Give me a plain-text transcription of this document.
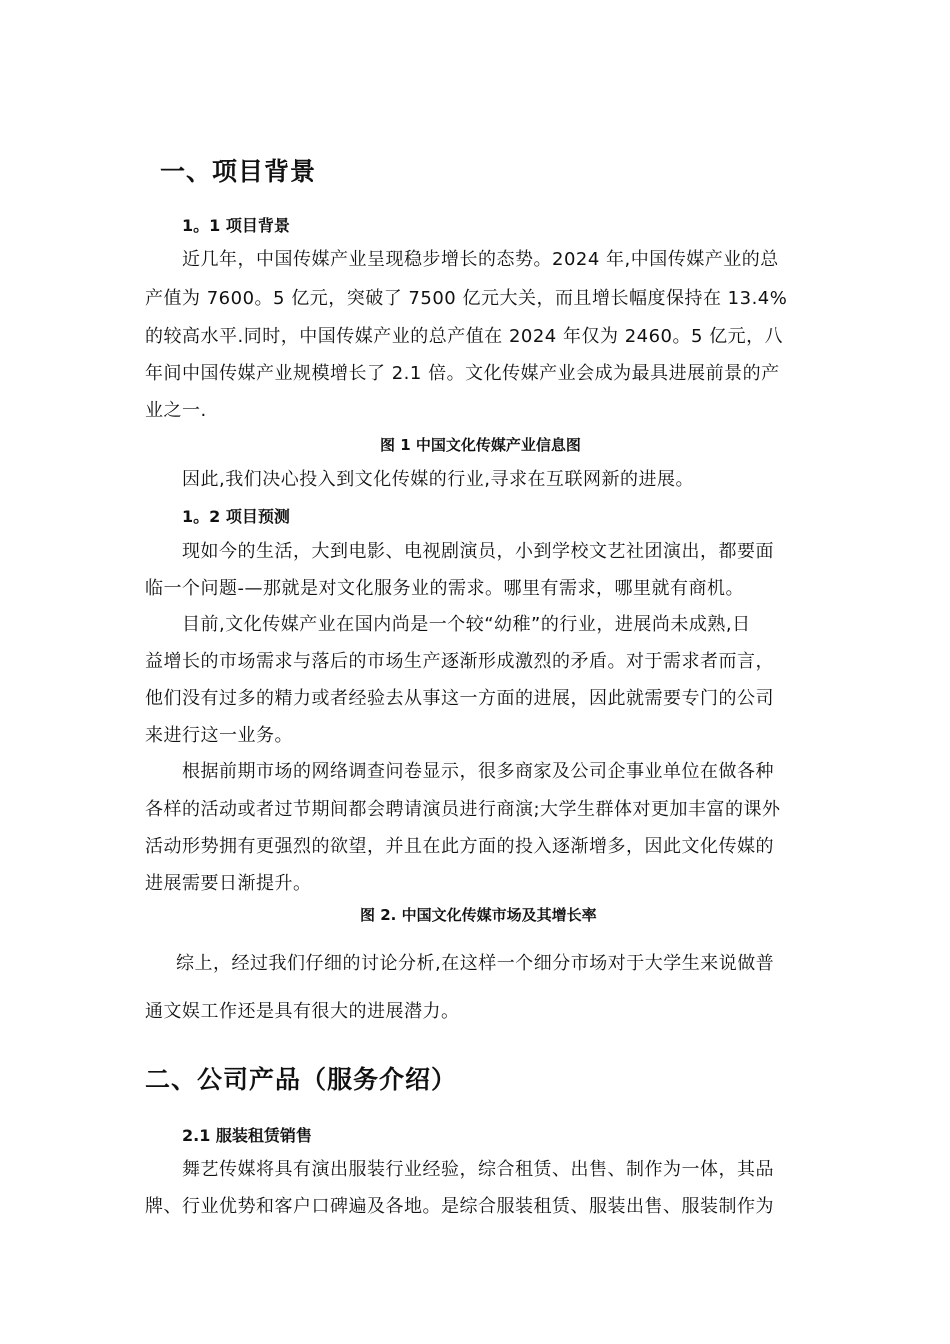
一、项目背景
1。1 项目背景
近几年，中国传媒产业呈现稳步增长的态势。2024 年,中国传媒产业的总
产值为 7600。5 亿元，突破了 7500 亿元大关，而且增长幅度保持在 13.4%
的较高水平.同时，中国传媒产业的总产值在 2024 年仅为 2460。5 亿元，八
年间中国传媒产业规模增长了 2.1 倍。文化传媒产业会成为最具进展前景的产
业之一.
图 1 中国文化传媒产业信息图
因此,我们决心投入到文化传媒的行业,寻求在互联网新的进展。
1。2 项目预测
现如今的生活，大到电影、电视剧演员，小到学校文艺社团演出，都要面
临一个问题-—那就是对文化服务业的需求。哪里有需求，哪里就有商机。
目前,文化传媒产业在国内尚是一个较“幼稚”的行业，进展尚未成熟,日
益增长的市场需求与落后的市场生产逐渐形成激烈的矛盾。对于需求者而言，
他们没有过多的精力或者经验去从事这一方面的进展，因此就需要专门的公司
来进行这一业务。
根据前期市场的网络调查问卷显示，很多商家及公司企事业单位在做各种
各样的活动或者过节期间都会聘请演员进行商演;大学生群体对更加丰富的课外
活动形势拥有更强烈的欲望，并且在此方面的投入逐渐增多，因此文化传媒的
进展需要日渐提升。
图 2. 中国文化传媒市场及其增长率
综上，经过我们仔细的讨论分析,在这样一个细分市场对于大学生来说做普
通文娱工作还是具有很大的进展潜力。
二、公司产品（服务介绍）
2.1 服装租赁销售
舞艺传媒将具有演出服装行业经验，综合租赁、出售、制作为一体，其品
牌、行业优势和客户口碑遍及各地。是综合服装租赁、服装出售、服装制作为
